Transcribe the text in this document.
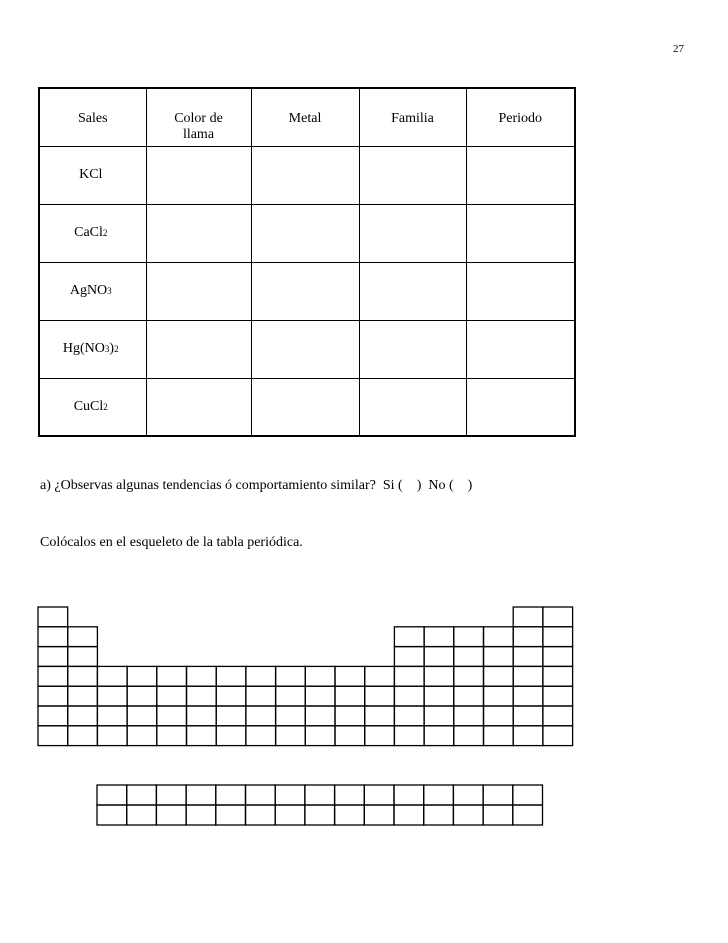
27
Sales	Color de llama	Metal	Familia	Periodo
KCl				
CaCl2				
AgNO3				
Hg(NO3)2				
CuCl2				
a) ¿Observas algunas tendencias ó comportamiento similar?  Si (    )  No (    )
Colócalos en el esqueleto de la tabla periódica.
